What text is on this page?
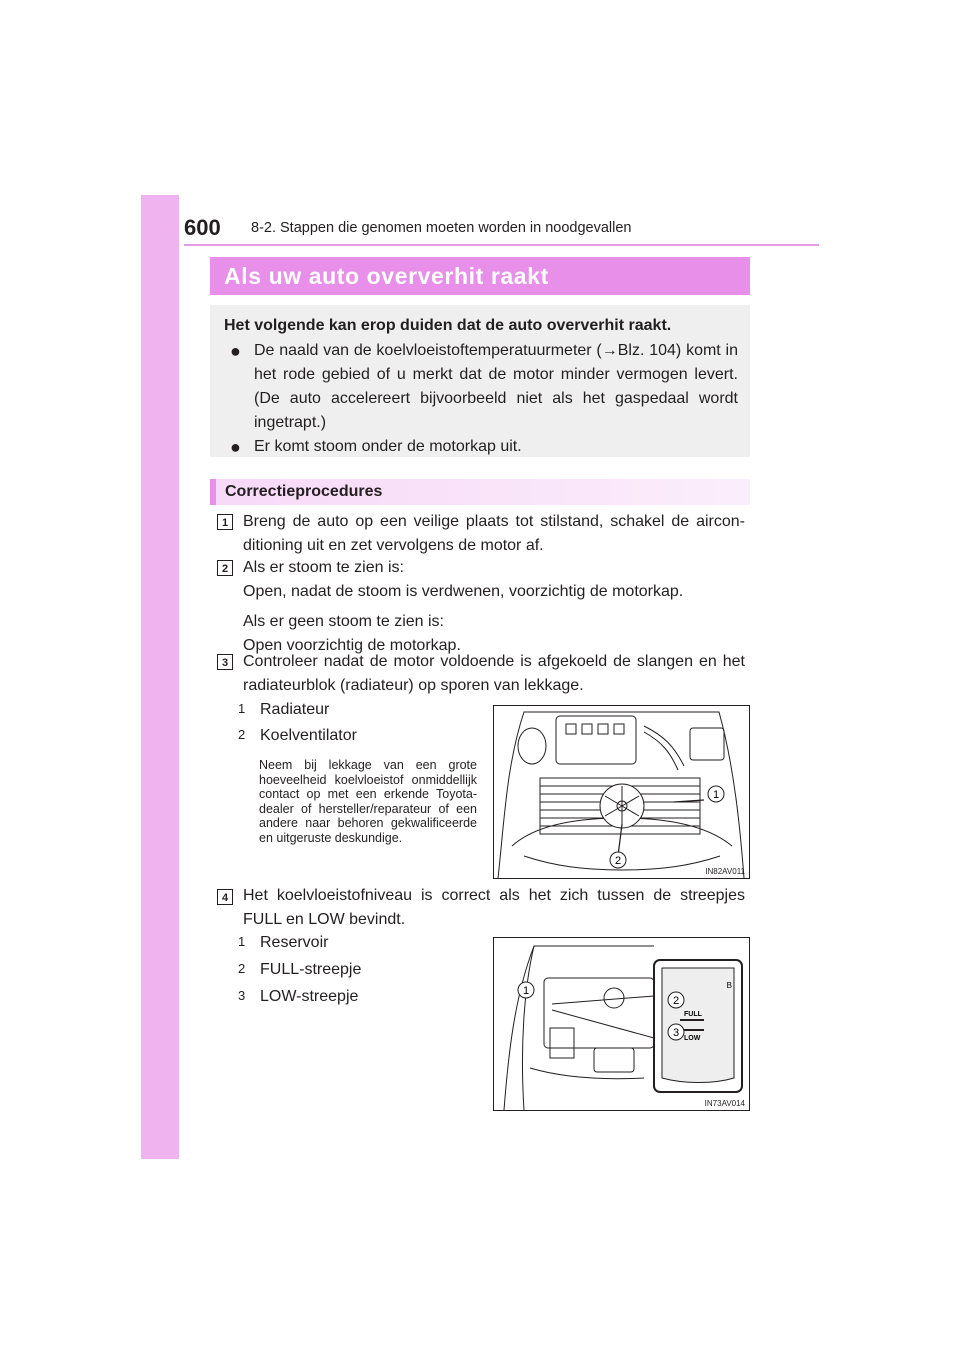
600 8-2. Stappen die genomen moeten worden in noodgevallen
Als uw auto oververhit raakt

Het volgende kan erop duiden dat de auto oververhit raakt.

● De naald van de koelvloeistoftemperatuurmeter (→Blz. 104) komt in het rode gebied of u merkt dat de motor minder vermogen levert. (De auto accelereert bijvoorbeeld niet als het gaspedaal wordt ingetrapt.)
● Er komt stoom onder de motorkap uit.
Correctieprocedures
1 Breng de auto op een veilige plaats tot stilstand, schakel de airconditioning uit en zet vervolgens de motor af.

2 Als er stoom te zien is:

Open, nadat de stoom is verdwenen, voorzichtig de motorkap.

Als er geen stoom te zien is:

Open voorzichtig de motorkap.

3 Controleer nadat de motor voldoende is afgekoeld de slangen en het radiateurblok (radiateur) op sporen van lekkage.

1 Radiateur
2 Koelventilator
Neem bij lekkage van een grote hoeveelheid koelvloeistof onmiddellijk contact op met een erkende Toyota-dealer of hersteller/reparateur of een andere naar behoren gekwalificeerde en uitgeruste deskundige.
1
2
IN82AV011
4 Het koelvloeistofniveau is correct als het zich tussen de streepjes FULL en LOW bevindt.

1 Reservoir
2 FULL-streepje
3 LOW-streepje
B
FULL
LOW
1
2
3
IN73AV014
